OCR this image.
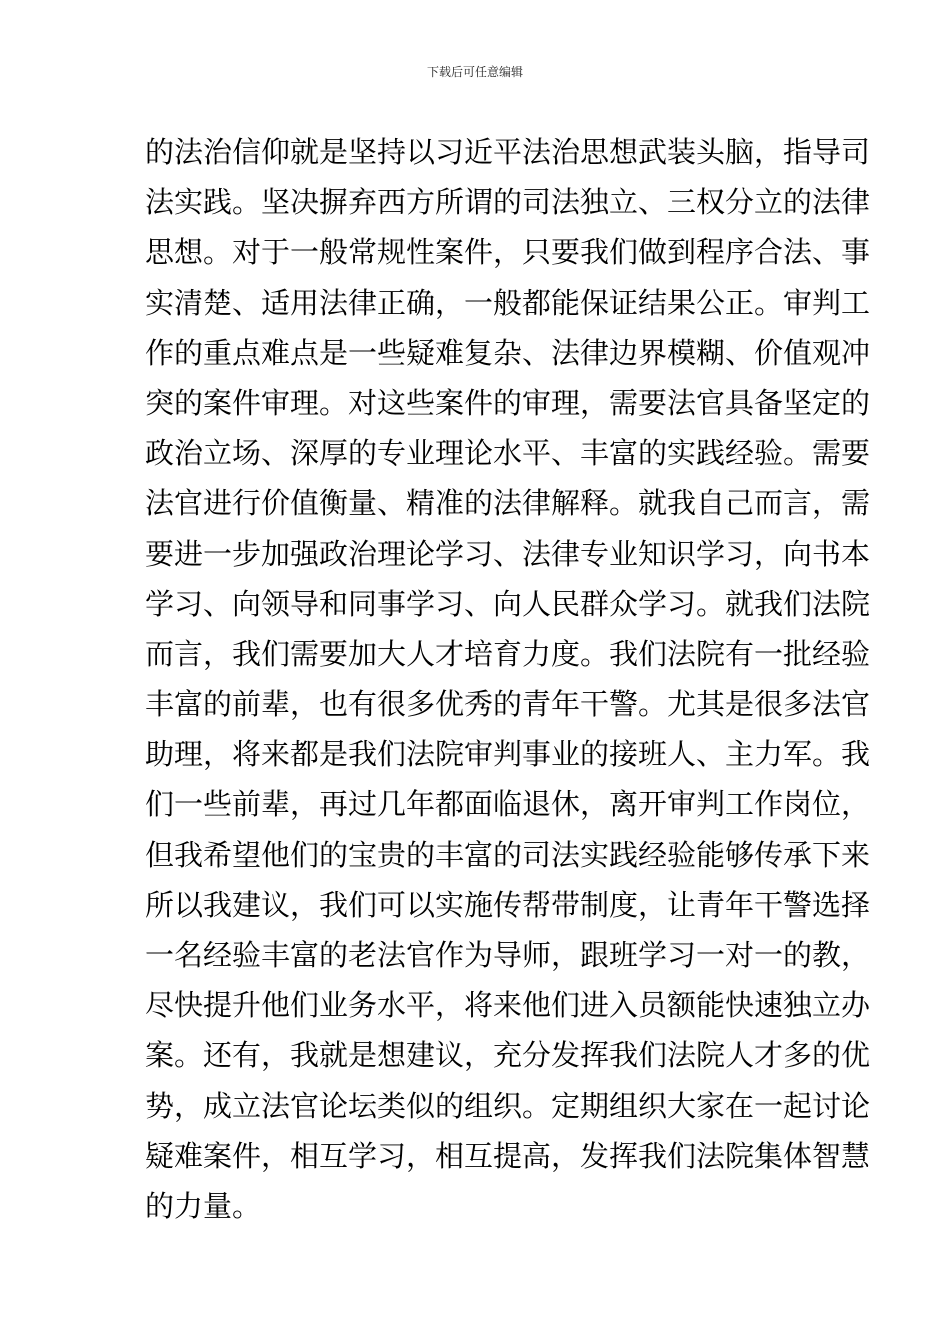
下载后可任意编辑
的法治信仰就是坚持以习近平法治思想武装头脑，指导司
法实践。坚决摒弃西方所谓的司法独立、三权分立的法律
思想。对于一般常规性案件，只要我们做到程序合法、事
实清楚、适用法律正确，一般都能保证结果公正。审判工
作的重点难点是一些疑难复杂、法律边界模糊、价值观冲
突的案件审理。对这些案件的审理，需要法官具备坚定的
政治立场、深厚的专业理论水平、丰富的实践经验。需要
法官进行价值衡量、精准的法律解释。就我自己而言，需
要进一步加强政治理论学习、法律专业知识学习，向书本
学习、向领导和同事学习、向人民群众学习。就我们法院
而言，我们需要加大人才培育力度。我们法院有一批经验
丰富的前辈，也有很多优秀的青年干警。尤其是很多法官
助理，将来都是我们法院审判事业的接班人、主力军。我
们一些前辈，再过几年都面临退休，离开审判工作岗位，
但我希望他们的宝贵的丰富的司法实践经验能够传承下来
所以我建议，我们可以实施传帮带制度，让青年干警选择
一名经验丰富的老法官作为导师，跟班学习一对一的教，
尽快提升他们业务水平，将来他们进入员额能快速独立办
案。还有，我就是想建议，充分发挥我们法院人才多的优
势，成立法官论坛类似的组织。定期组织大家在一起讨论
疑难案件，相互学习，相互提高，发挥我们法院集体智慧
的力量。
